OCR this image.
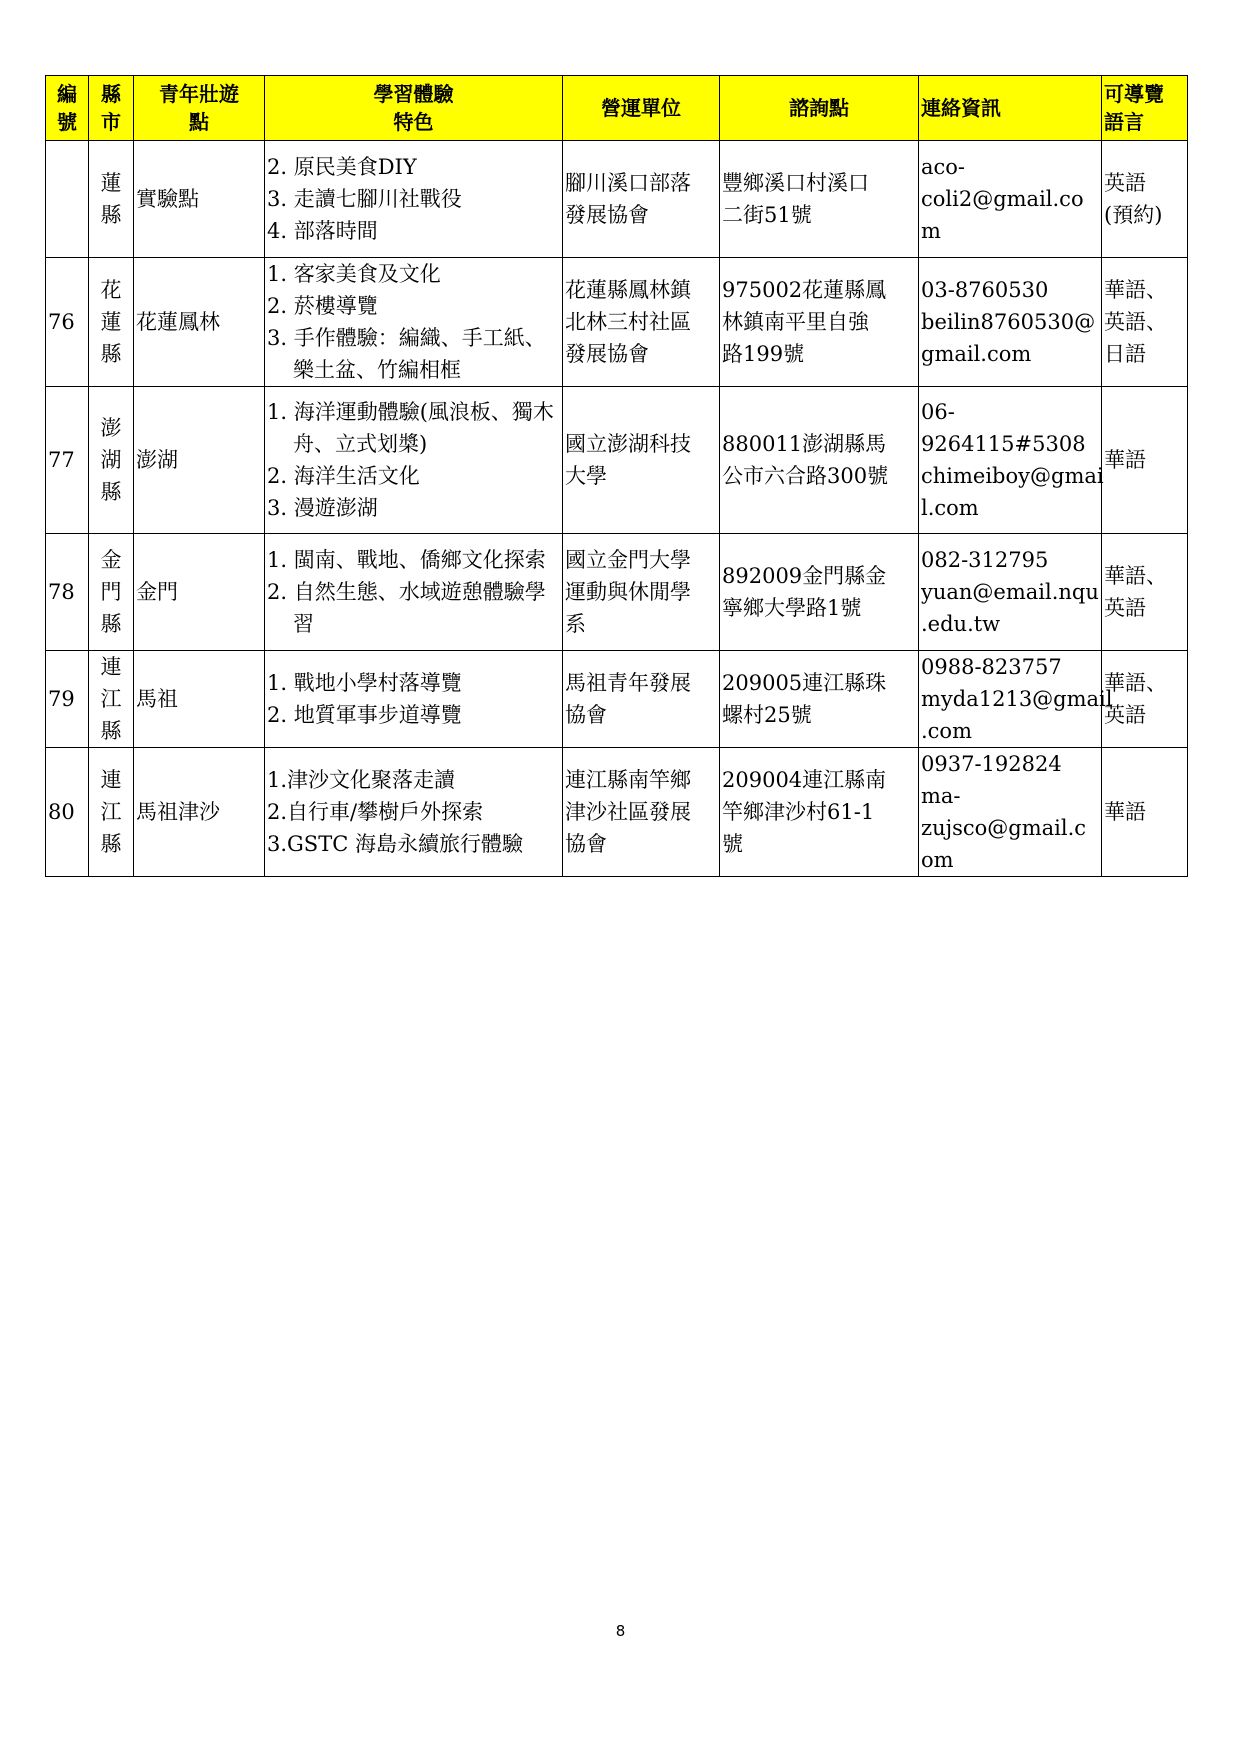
編
號	縣
市	青年壯遊
點	學習體驗
特色	營運單位	諮詢點	連絡資訊	可導覽
語言

	蓮
縣	實驗點	2. 原民美食DIY
3. 走讀七腳川社戰役
4. 部落時間	腳川溪口部落
發展協會	豐鄉溪口村溪口
二街51號	aco-
coli2@gmail.co
m	英語
(預約)

76	花
蓮
縣	花蓮鳳林	1. 客家美食及文化
2. 菸樓導覽
3. 手作體驗：編織、手工紙、樂土盆、竹編相框	花蓮縣鳳林鎮
北林三村社區
發展協會	975002花蓮縣鳳
林鎮南平里自強
路199號	03-8760530
beilin8760530@
gmail.com	華語、
英語、
日語

77	澎
湖
縣	澎湖	1. 海洋運動體驗(風浪板、獨木舟、立式划槳)
2. 海洋生活文化
3. 漫遊澎湖	國立澎湖科技
大學	880011澎湖縣馬
公市六合路300號	06-
9264115#5308
chimeiboy@gmai
l.com	華語

78	金
門
縣	金門	1. 閩南、戰地、僑鄉文化探索
2. 自然生態、水域遊憩體驗學習	國立金門大學
運動與休閒學
系	892009金門縣金
寧鄉大學路1號	082-312795
yuan@email.nqu
.edu.tw	華語、
英語

79	連
江
縣	馬祖	1. 戰地小學村落導覽
2. 地質軍事步道導覽	馬祖青年發展
協會	209005連江縣珠
螺村25號	0988-823757
myda1213@gmail
.com	華語、
英語

80	連
江
縣	馬祖津沙	1.津沙文化聚落走讀
2.自行車/攀樹戶外探索
3.GSTC 海島永續旅行體驗	連江縣南竿鄉
津沙社區發展
協會	209004連江縣南
竿鄉津沙村61-1
號	0937-192824
ma-
zujsco@gmail.c
om	華語
8
